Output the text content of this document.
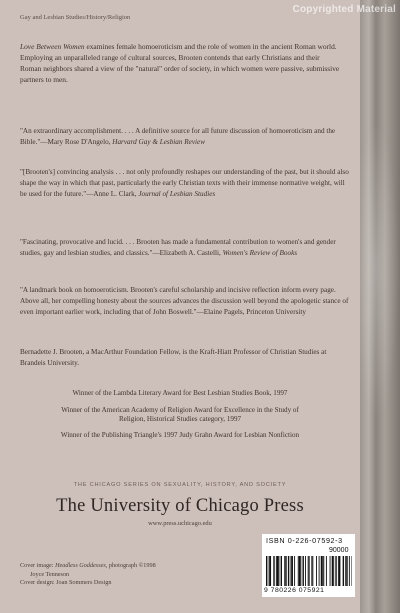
Gay and Lesbian Studies/History/Religion
Love Between Women examines female homoeroticism and the role of women in the ancient Roman world. Employing an unparalleled range of cultural sources, Brooten contends that early Christians and their Roman neighbors shared a view of the "natural" order of society, in which women were passive, submissive partners to men.
"An extraordinary accomplishment. . . . A definitive source for all future discussion of homoeroticism and the Bible."—Mary Rose D'Angelo, Harvard Gay & Lesbian Review
"[Brooten's] convincing analysis . . . not only profoundly reshapes our understanding of the past, but it should also shape the way in which that past, particularly the early Christian texts with their immense normative weight, will be used for the future."—Anne L. Clark, Journal of Lesbian Studies
"Fascinating, provocative and lucid. . . . Brooten has made a fundamental contribution to women's and gender studies, gay and lesbian studies, and classics."—Elizabeth A. Castelli, Women's Review of Books
"A landmark book on homoeroticism. Brooten's careful scholarship and incisive reflection inform every page. Above all, her compelling honesty about the sources advances the discussion well beyond the apologetic stance of even important earlier work, including that of John Boswell."—Elaine Pagels, Princeton University
Bernadette J. Brooten, a MacArthur Foundation Fellow, is the Kraft-Hiatt Professor of Christian Studies at Brandeis University.
Winner of the Lambda Literary Award for Best Lesbian Studies Book, 1997
Winner of the American Academy of Religion Award for Excellence in the Study of Religion, Historical Studies category, 1997
Winner of the Publishing Triangle's 1997 Judy Grahn Award for Lesbian Nonfiction
THE CHICAGO SERIES ON SEXUALITY, HISTORY, AND SOCIETY
The University of Chicago Press
www.press.uchicago.edu
Cover image: Headless Goddesses, photograph ©1998
Joyce Tenneson
Cover design: Joan Sommers Design
ISBN 0-226-07592-3
90000
9 780226 075921
Copyrighted Material
